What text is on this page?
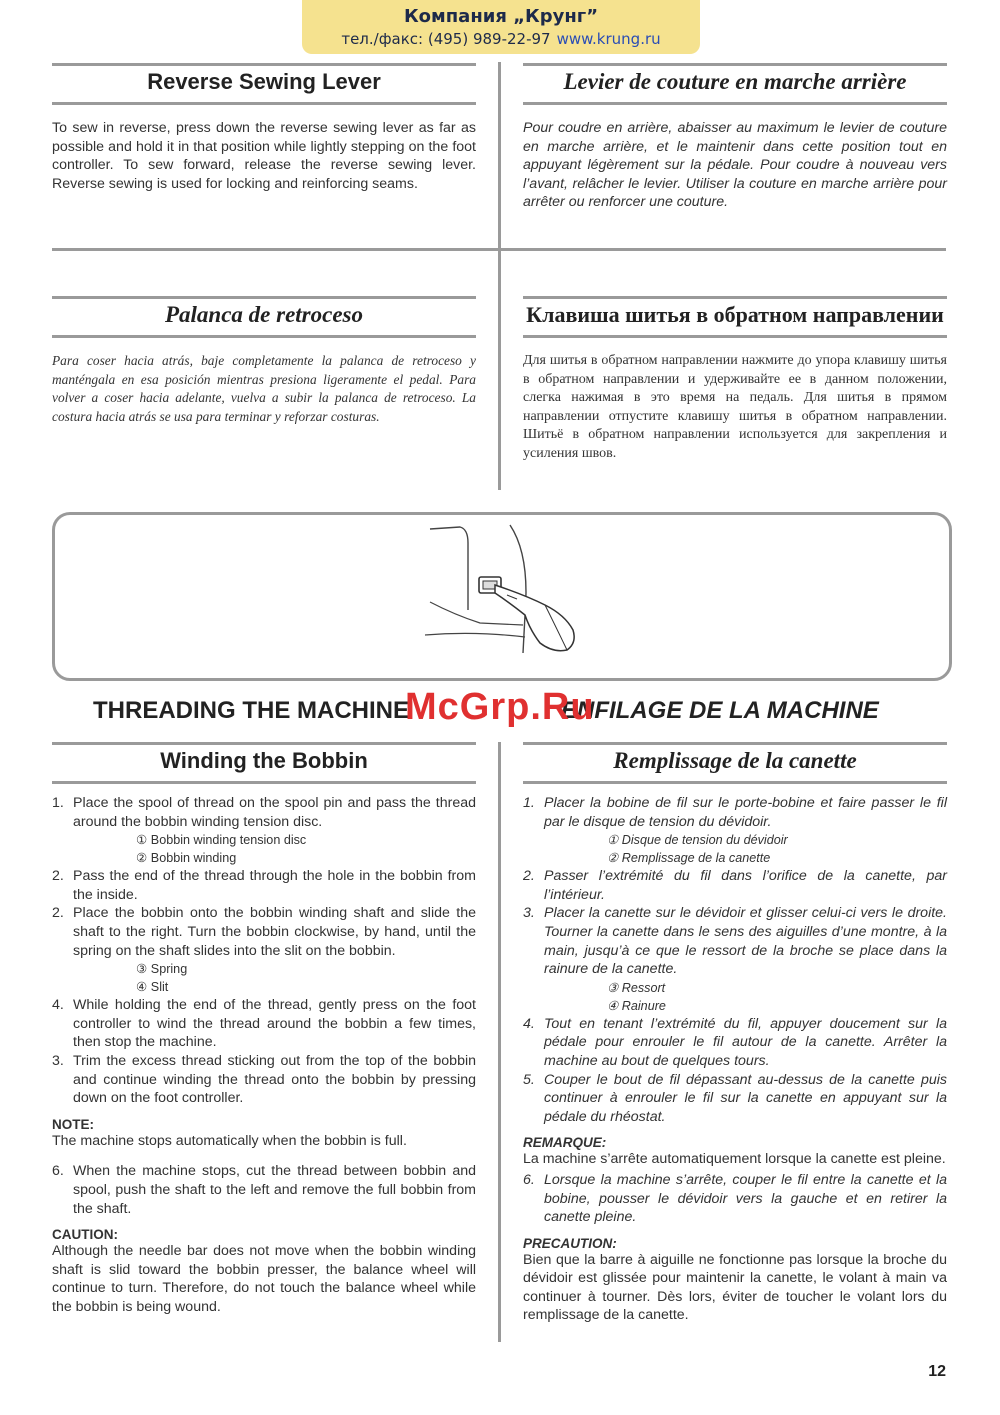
Компания „Крунг”
тел./факс: (495) 989-22-97 www.krung.ru
Reverse Sewing Lever
To sew in reverse, press down the reverse sewing lever as far as possible and hold it in that position while lightly stepping on the foot controller. To sew forward, release the reverse sewing lever. Reverse sewing is used for locking and reinforcing seams.
Levier de couture en marche arrière
Pour coudre en arrière, abaisser au maximum le levier de couture en marche arrière, et le maintenir dans cette position tout en appuyant légèrement sur la pédale. Pour coudre à nouveau vers l’avant, relâcher le levier. Utiliser la couture en marche arrière pour arrêter ou renforcer une couture.
Palanca de retroceso
Para coser hacia atrás, baje completamente la palanca de retroceso y manténgala en esa posición mientras presiona ligeramente el pedal. Para volver a coser hacia adelante, vuelva a subir la palanca de retroceso. La costura hacia atrás se usa para terminar y reforzar costuras.
Клавиша шитья в обратном направлении
Для шитья в обратном направлении нажмите до упора клавишу шитья в обратном направлении и удерживайте ее в данном положении, слегка нажимая в это время на педаль. Для шитья в прямом направлении отпустите клавишу шитья в обратном направлении. Шитьё в обратном направлении используется для закрепления и усиления швов.
THREADING THE MACHINE	ENFILAGE DE LA MACHINE
McGrp.Ru
Winding the Bobbin
1. Place the spool of thread on the spool pin and pass the thread around the bobbin winding tension disc.
① Bobbin winding tension disc
② Bobbin winding
2. Pass the end of the thread through the hole in the bobbin from the inside.
2. Place the bobbin onto the bobbin winding shaft and slide the shaft to the right. Turn the bobbin clockwise, by hand, until the spring on the shaft slides into the slit on the bobbin.
③ Spring
④ Slit
4. While holding the end of the thread, gently press on the foot controller to wind the thread around the bobbin a few times, then stop the machine.
3. Trim the excess thread sticking out from the top of the bobbin and continue winding the thread onto the bobbin by pressing down on the foot controller.
NOTE:
The machine stops automatically when the bobbin is full.
6. When the machine stops, cut the thread between bobbin and spool, push the shaft to the left and remove the full bobbin from the shaft.
CAUTION:
Although the needle bar does not move when the bobbin winding shaft is slid toward the bobbin presser, the balance wheel will continue to turn. Therefore, do not touch the balance wheel while the bobbin is being wound.
Remplissage de la canette
1. Placer la bobine de fil sur le porte-bobine et faire passer le fil par le disque de tension du dévidoir.
① Disque de tension du dévidoir
② Remplissage de la canette
2. Passer l’extrémité du fil dans l’orifice de la canette, par l’intérieur.
3. Placer la canette sur le dévidoir et glisser celui-ci vers le droite. Tourner la canette dans le sens des aiguilles d’une montre, à la main, jusqu’à ce que le ressort de la broche se place dans la rainure de la canette.
③ Ressort
④ Rainure
4. Tout en tenant l’extrémité du fil, appuyer doucement sur la pédale pour enrouler le fil autour de la canette. Arrêter la machine au bout de quelques tours.
5. Couper le bout de fil dépassant au-dessus de la canette puis continuer à enrouler le fil sur la canette en appuyant sur la pédale du rhéostat.
REMARQUE:
La machine s’arrête automatiquement lorsque la canette est pleine.
6. Lorsque la machine s’arrête, couper le fil entre la canette et la bobine, pousser le dévidoir vers la gauche et en retirer la canette pleine.
PRECAUTION:
Bien que la barre à aiguille ne fonctionne pas lorsque la broche du dévidoir est glissée pour maintenir la canette, le volant à main va continuer à tourner. Dès lors, éviter de toucher le volant lors du remplissage de la canette.
12
